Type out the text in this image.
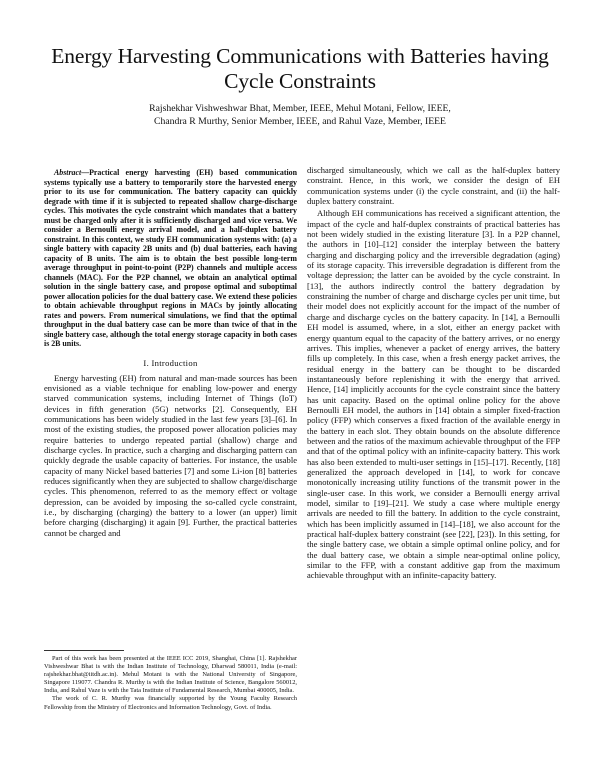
Energy Harvesting Communications with Batteries having Cycle Constraints
Rajshekhar Vishweshwar Bhat, Member, IEEE, Mehul Motani, Fellow, IEEE,
Chandra R Murthy, Senior Member, IEEE, and Rahul Vaze, Member, IEEE

Abstract—Practical energy harvesting (EH) based communication systems typically use a battery to temporarily store the harvested energy prior to its use for communication. The battery capacity can quickly degrade with time if it is subjected to repeated shallow charge-discharge cycles. This motivates the cycle constraint which mandates that a battery must be charged only after it is sufficiently discharged and vice versa. We consider a Bernoulli energy arrival model, and a half-duplex battery constraint. In this context, we study EH communication systems with: (a) a single battery with capacity 2B units and (b) dual batteries, each having capacity of B units. The aim is to obtain the best possible long-term average throughput in point-to-point (P2P) channels and multiple access channels (MAC). For the P2P channel, we obtain an analytical optimal solution in the single battery case, and propose optimal and suboptimal power allocation policies for the dual battery case. We extend these policies to obtain achievable throughput regions in MACs by jointly allocating rates and powers. From numerical simulations, we find that the optimal throughput in the dual battery case can be more than twice of that in the single battery case, although the total energy storage capacity in both cases is 2B units.

I. Introduction

Energy harvesting (EH) from natural and man-made sources has been envisioned as a viable technique for enabling low-power and energy starved communication systems, including Internet of Things (IoT) devices in fifth generation (5G) networks [2]. Consequently, EH communications has been widely studied in the last few years [3]–[6]. In most of the existing studies, the proposed power allocation policies may require batteries to undergo repeated partial (shallow) charge and discharge cycles. In practice, such a charging and discharging pattern can quickly degrade the usable capacity of batteries. For instance, the usable capacity of many Nickel based batteries [7] and some Li-ion [8] batteries reduces significantly when they are subjected to shallow charge/discharge cycles. This phenomenon, referred to as the memory effect or voltage depression, can be avoided by imposing the so-called cycle constraint, i.e., by discharging (charging) the battery to a lower (an upper) limit before charging (discharging) it again [9]. Further, the practical batteries cannot be charged and

Part of this work has been presented at the IEEE ICC 2019, Shanghai, China [1]. Rajshekhar Vishweshwar Bhat is with the Indian Institute of Technology, Dharwad 580011, India (e-mail: rajshekhar.bhat@iitdh.ac.in). Mehul Motani is with the National University of Singapore, Singapore 119077. Chandra R. Murthy is with the Indian Institute of Science, Bangalore 560012, India, and Rahul Vaze is with the Tata Institute of Fundamental Research, Mumbai 400005, India.

The work of C. R. Murthy was financially supported by the Young Faculty Research Fellowship from the Ministry of Electronics and Information Technology, Govt. of India.

discharged simultaneously, which we call as the half-duplex battery constraint. Hence, in this work, we consider the design of EH communication systems under (i) the cycle constraint, and (ii) the half-duplex battery constraint.

Although EH communications has received a significant attention, the impact of the cycle and half-duplex constraints of practical batteries has not been widely studied in the existing literature [3]. In a P2P channel, the authors in [10]–[12] consider the interplay between the battery charging and discharging policy and the irreversible degradation (aging) of its storage capacity. This irreversible degradation is different from the voltage depression; the latter can be avoided by the cycle constraint. In [13], the authors indirectly control the battery degradation by constraining the number of charge and discharge cycles per unit time, but their model does not explicitly account for the impact of the number of charge and discharge cycles on the battery capacity. In [14], a Bernoulli EH model is assumed, where, in a slot, either an energy packet with energy quantum equal to the capacity of the battery arrives, or no energy arrives. This implies, whenever a packet of energy arrives, the battery fills up completely. In this case, when a fresh energy packet arrives, the residual energy in the battery can be thought to be discarded instantaneously before replenishing it with the energy that arrived. Hence, [14] implicitly accounts for the cycle constraint since the battery has unit capacity. Based on the optimal online policy for the above Bernoulli EH model, the authors in [14] obtain a simpler fixed-fraction policy (FFP) which conserves a fixed fraction of the available energy in the battery in each slot. They obtain bounds on the absolute difference between and the ratios of the maximum achievable throughput of the FFP and that of the optimal policy with an infinite-capacity battery. This work has also been extended to multi-user settings in [15]–[17]. Recently, [18] generalized the approach developed in [14], to work for concave monotonically increasing utility functions of the transmit power in the single-user case. In this work, we consider a Bernoulli energy arrival model, similar to [19]–[21]. We study a case where multiple energy arrivals are needed to fill the battery. In addition to the cycle constraint, which has been implicitly assumed in [14]–[18], we also account for the practical half-duplex battery constraint (see [22], [23]). In this setting, for the single battery case, we obtain a simple optimal online policy, and for the dual battery case, we obtain a simple near-optimal online policy, similar to the FFP, with a constant additive gap from the maximum achievable throughput with an infinite-capacity battery.
